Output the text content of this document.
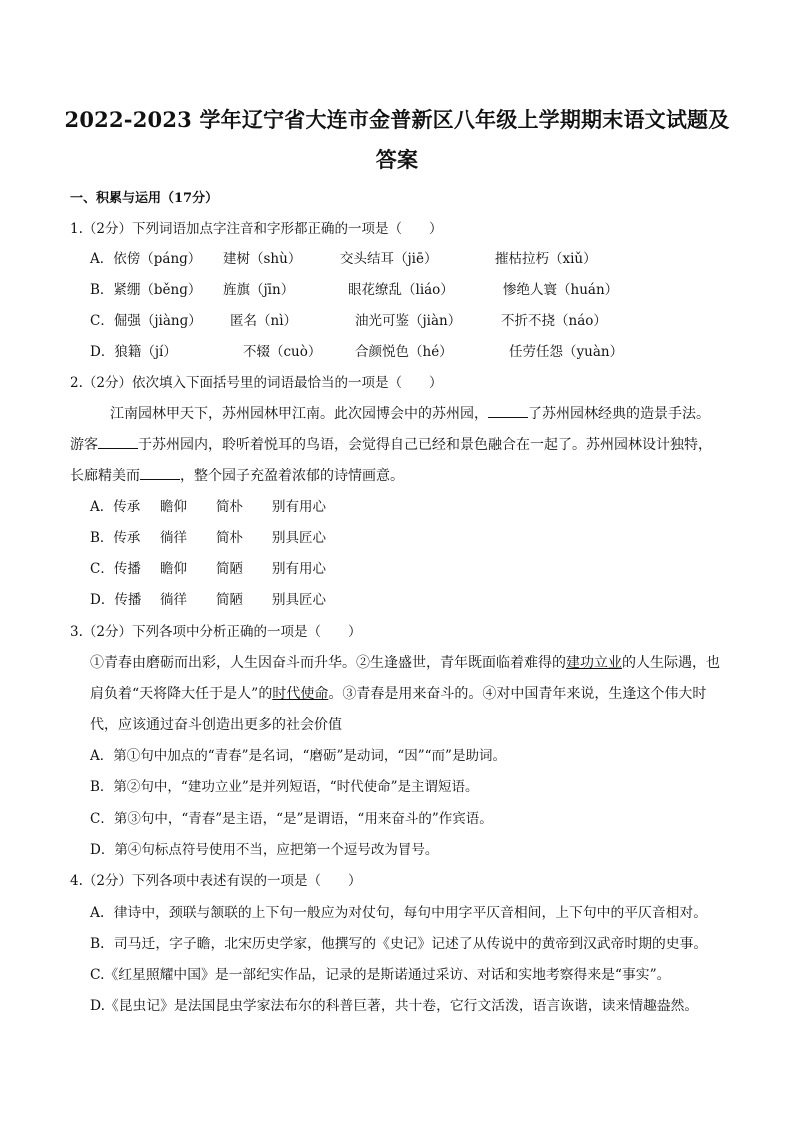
2022-2023 学年辽宁省大连市金普新区八年级上学期期末语文试题及
答案
一、积累与运用（17分）
1.（2分）下列词语加点字注音和字形都正确的一项是（　　）
A．依傍（pánɡ） 建树（shù）	交头结耳（jiē）	摧枯拉朽（xiǔ）
B．紧绷（běnɡ） 旌旗（jīn）	眼花缭乱（liáo）	惨绝人寰（huán）
C．倔强（jiànɡ） 匿名（nì）	油光可鉴（jiàn）	不折不挠（náo）
D．狼籍（jí）	不辍（cuò） 合颜悦色（hé）	任劳任怨（yuàn）
2.（2分）依次填入下面括号里的词语最恰当的一项是（　　）
江南园林甲天下，苏州园林甲江南。此次园博会中的苏州园，	了苏州园林经典的造景手法。
游客	于苏州园内，聆听着悦耳的鸟语，会觉得自己已经和景色融合在一起了。苏州园林设计独特，
长廊精美而	，整个园子充盈着浓郁的诗情画意。
A．传承 瞻仰 简朴 别有用心
B．传承 徜徉 简朴 别具匠心
C．传播 瞻仰 简陋 别有用心
D．传播 徜徉 简陋 别具匠心
3.（2分）下列各项中分析正确的一项是（　　）
①青春由磨砺而出彩，人生因奋斗而升华。②生逢盛世，青年既面临着难得的建功立业的人生际遇，也
肩负着“天将降大任于是人”的时代使命。③青春是用来奋斗的。④对中国青年来说，生逢这个伟大时
代，应该通过奋斗创造出更多的社会价值
A．第①句中加点的“青春”是名词，“磨砺”是动词，“因”“而”是助词。
B．第②句中，“建功立业”是并列短语，“时代使命”是主谓短语。
C．第③句中，“青春”是主语，“是”是谓语，“用来奋斗的”作宾语。
D．第④句标点符号使用不当，应把第一个逗号改为冒号。
4.（2分）下列各项中表述有误的一项是（　　）
A．律诗中，颈联与颔联的上下句一般应为对仗句，每句中用字平仄音相间，上下句中的平仄音相对。
B．司马迁，字子瞻，北宋历史学家，他撰写的《史记》记述了从传说中的黄帝到汉武帝时期的史事。
C.《红星照耀中国》是一部纪实作品，记录的是斯诺通过采访、对话和实地考察得来是“事实”。
D.《昆虫记》是法国昆虫学家法布尔的科普巨著，共十卷，它行文活泼，语言诙谐，读来情趣盎然。
